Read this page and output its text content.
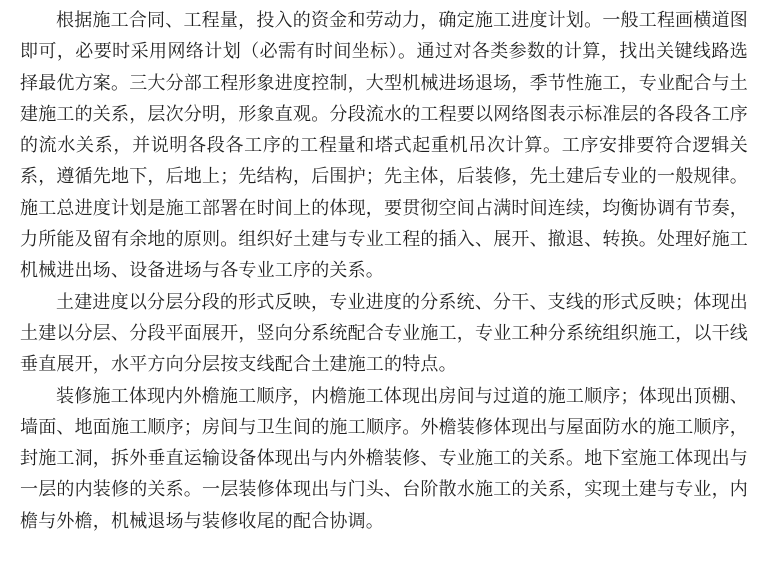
根据施工合同、工程量，投入的资金和劳动力，确定施工进度计划。一般工程画横道图即可，必要时采用网络计划（必需有时间坐标）。通过对各类参数的计算，找出关键线路选择最优方案。三大分部工程形象进度控制，大型机械进场退场，季节性施工，专业配合与土建施工的关系，层次分明，形象直观。分段流水的工程要以网络图表示标准层的各段各工序的流水关系，并说明各段各工序的工程量和塔式起重机吊次计算。工序安排要符合逻辑关系，遵循先地下，后地上；先结构，后围护；先主体，后装修，先土建后专业的一般规律。施工总进度计划是施工部署在时间上的体现，要贯彻空间占满时间连续，均衡协调有节奏，力所能及留有余地的原则。组织好土建与专业工程的插入、展开、撤退、转换。处理好施工机械进出场、设备进场与各专业工序的关系。

土建进度以分层分段的形式反映，专业进度的分系统、分干、支线的形式反映；体现出土建以分层、分段平面展开，竖向分系统配合专业施工，专业工种分系统组织施工，以干线垂直展开，水平方向分层按支线配合土建施工的特点。

装修施工体现内外檐施工顺序，内檐施工体现出房间与过道的施工顺序；体现出顶棚、墙面、地面施工顺序；房间与卫生间的施工顺序。外檐装修体现出与屋面防水的施工顺序，封施工洞，拆外垂直运输设备体现出与内外檐装修、专业施工的关系。地下室施工体现出与一层的内装修的关系。一层装修体现出与门头、台阶散水施工的关系，实现土建与专业，内檐与外檐，机械退场与装修收尾的配合协调。
